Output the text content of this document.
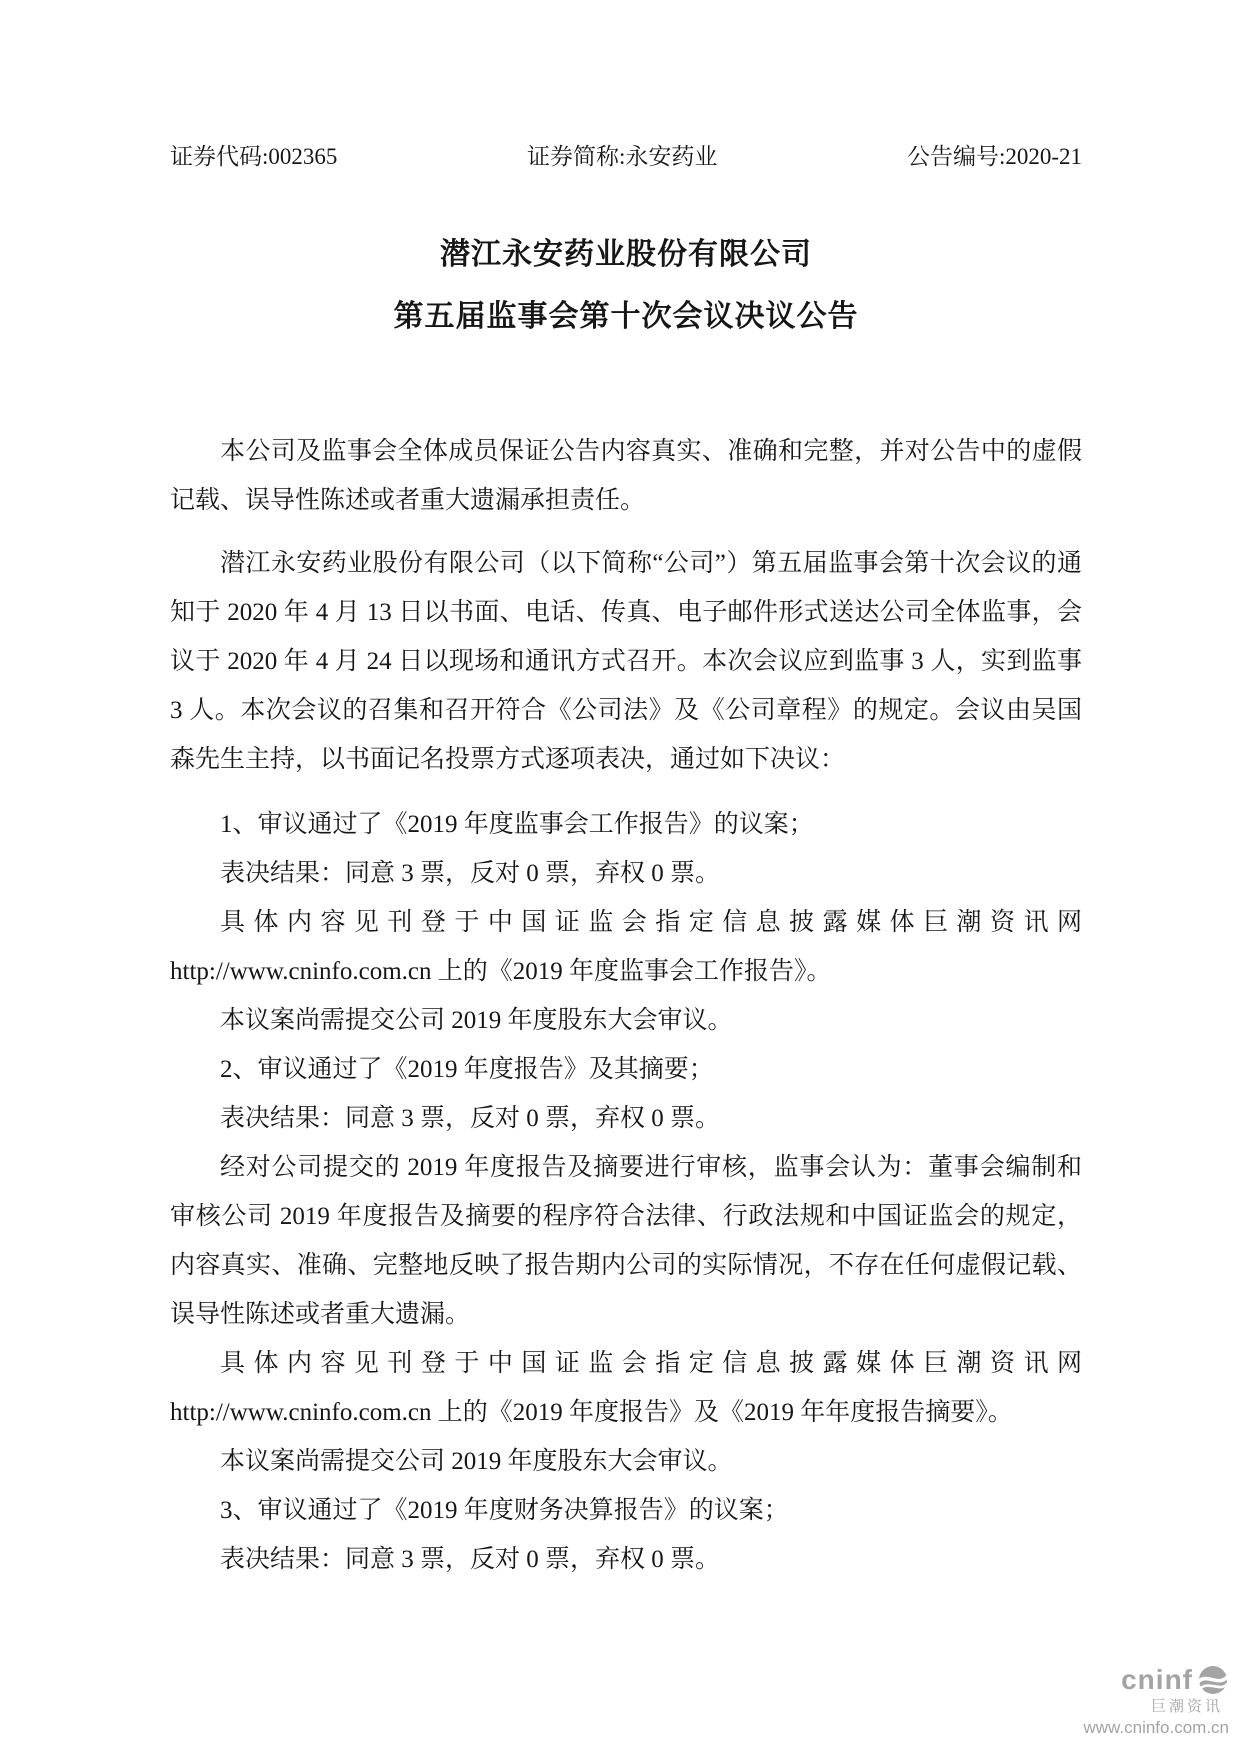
证券代码:002365	证券简称:永安药业	公告编号:2020-21
潜江永安药业股份有限公司
第五届监事会第十次会议决议公告

本公司及监事会全体成员保证公告内容真实、准确和完整，并对公告中的虚假记载、误导性陈述或者重大遗漏承担责任。

潜江永安药业股份有限公司（以下简称“公司”）第五届监事会第十次会议的通知于 2020 年 4 月 13 日以书面、电话、传真、电子邮件形式送达公司全体监事，会议于 2020 年 4 月 24 日以现场和通讯方式召开。本次会议应到监事 3 人，实到监事 3 人。本次会议的召集和召开符合《公司法》及《公司章程》的规定。会议由吴国森先生主持，以书面记名投票方式逐项表决，通过如下决议：

1、审议通过了《2019 年度监事会工作报告》的议案；

表决结果：同意 3 票，反对 0 票，弃权 0 票。

具体内容见刊登于中国证监会指定信息披露媒体巨潮资讯网http://www.cninfo.com.cn 上的《2019 年度监事会工作报告》。

本议案尚需提交公司 2019 年度股东大会审议。

2、审议通过了《2019 年度报告》及其摘要；

表决结果：同意 3 票，反对 0 票，弃权 0 票。

经对公司提交的 2019 年度报告及摘要进行审核，监事会认为：董事会编制和审核公司 2019 年度报告及摘要的程序符合法律、行政法规和中国证监会的规定，内容真实、准确、完整地反映了报告期内公司的实际情况，不存在任何虚假记载、误导性陈述或者重大遗漏。

具体内容见刊登于中国证监会指定信息披露媒体巨潮资讯网http://www.cninfo.com.cn 上的《2019 年度报告》及《2019 年年度报告摘要》。

本议案尚需提交公司 2019 年度股东大会审议。

3、审议通过了《2019 年度财务决算报告》的议案；

表决结果：同意 3 票，反对 0 票，弃权 0 票。

cninf
巨潮资讯
www.cninfo.com.cn
